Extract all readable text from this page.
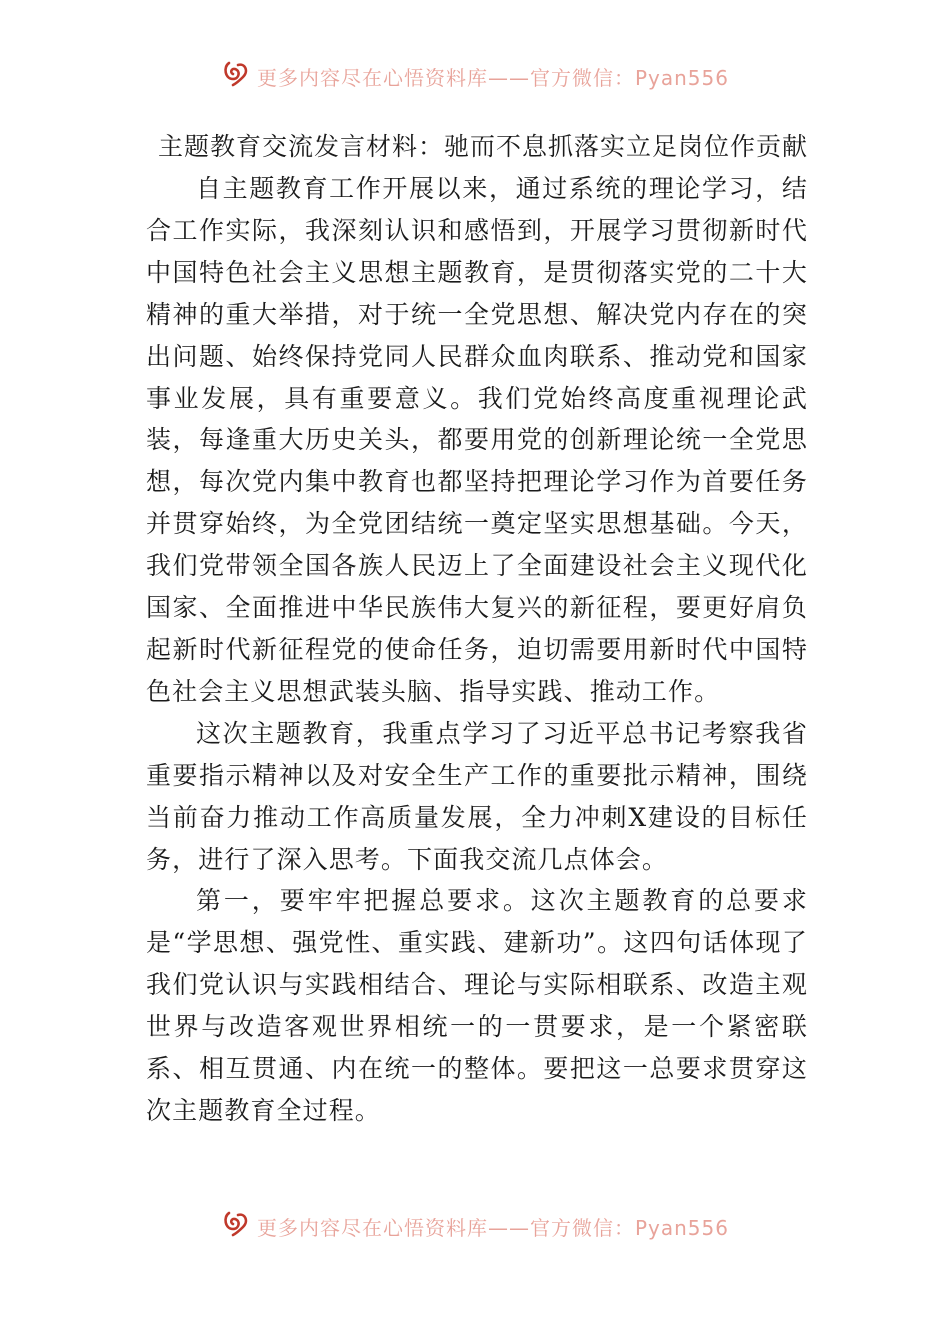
更多内容尽在心悟资料库——官方微信：Pyan556
主题教育交流发言材料：驰而不息抓落实立足岗位作贡献

自主题教育工作开展以来，通过系统的理论学习，结合工作实际，我深刻认识和感悟到，开展学习贯彻新时代中国特色社会主义思想主题教育，是贯彻落实党的二十大精神的重大举措，对于统一全党思想、解决党内存在的突出问题、始终保持党同人民群众血肉联系、推动党和国家事业发展，具有重要意义。我们党始终高度重视理论武装，每逢重大历史关头，都要用党的创新理论统一全党思想，每次党内集中教育也都坚持把理论学习作为首要任务并贯穿始终，为全党团结统一奠定坚实思想基础。今天，我们党带领全国各族人民迈上了全面建设社会主义现代化国家、全面推进中华民族伟大复兴的新征程，要更好肩负起新时代新征程党的使命任务，迫切需要用新时代中国特色社会主义思想武装头脑、指导实践、推动工作。

这次主题教育，我重点学习了习近平总书记考察我省重要指示精神以及对安全生产工作的重要批示精神，围绕当前奋力推动工作高质量发展，全力冲刺X建设的目标任务，进行了深入思考。下面我交流几点体会。

第一，要牢牢把握总要求。这次主题教育的总要求是“学思想、强党性、重实践、建新功”。这四句话体现了我们党认识与实践相结合、理论与实际相联系、改造主观世界与改造客观世界相统一的一贯要求，是一个紧密联系、相互贯通、内在统一的整体。要把这一总要求贯穿这次主题教育全过程。

更多内容尽在心悟资料库——官方微信：Pyan556
